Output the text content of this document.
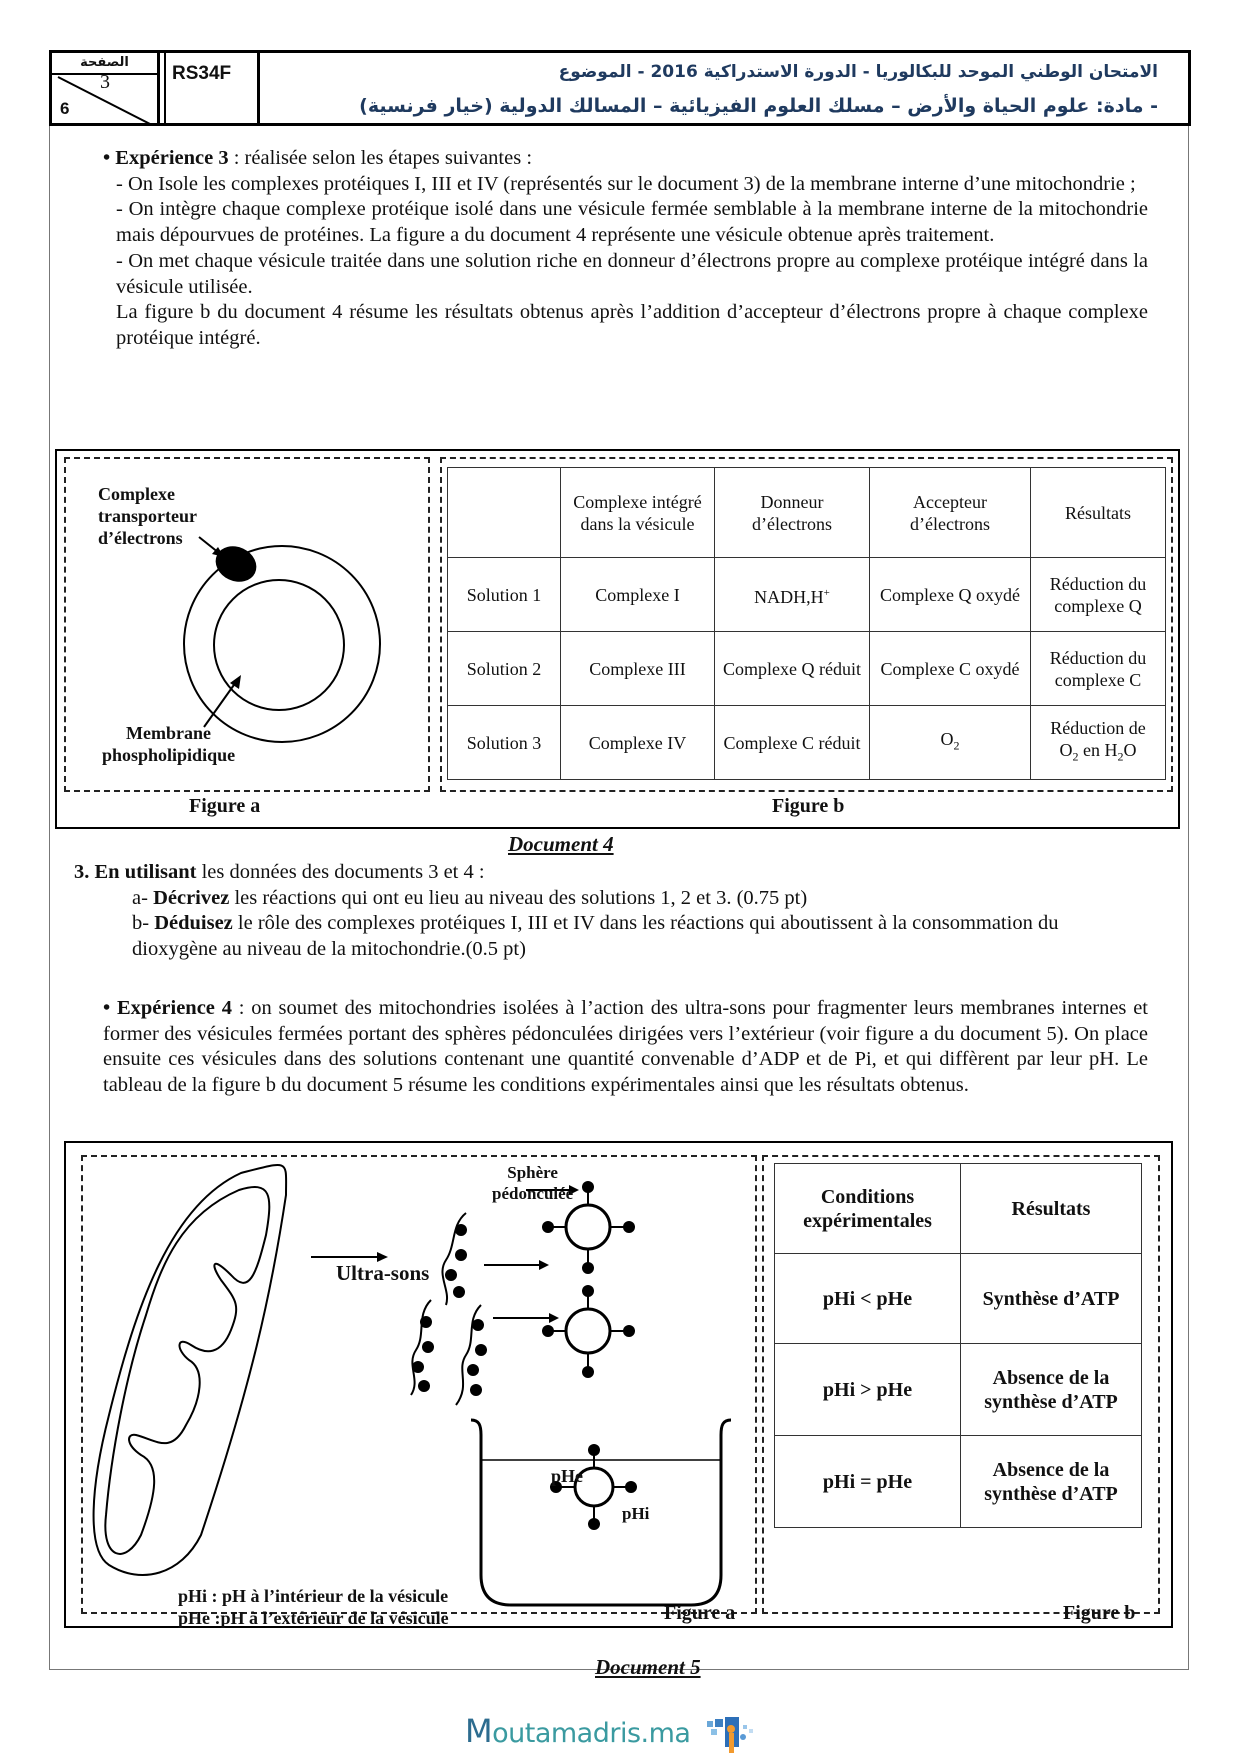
الصفحة
3
6
RS34F	الامتحان الوطني الموحد للبكالوريا - الدورة الاستدراكية 2016 - الموضوع
- مادة: علوم الحياة والأرض – مسلك العلوم الفيزيائية – المسالك الدولية (خيار فرنسية)

• Expérience 3 : réalisée selon les étapes suivantes :

- On Isole les complexes protéiques I, III et IV (représentés sur le document 3) de la membrane interne d’une mitochondrie ;

- On intègre chaque complexe protéique isolé dans une vésicule fermée semblable à la membrane interne de la mitochondrie mais dépourvues de protéines. La figure a du document 4 représente une vésicule obtenue après traitement.

- On met chaque vésicule traitée dans une solution riche en donneur d’électrons propre au complexe protéique intégré dans la vésicule utilisée.

La figure b du document 4 résume les résultats obtenus après l’addition d’accepteur d’électrons propre à chaque complexe protéique intégré.

Complexe
transporteur
d’électrons
Membrane
phospholipidique
Figure a	Figure b
	Complexe intégré dans la vésicule	Donneur d’électrons	Accepteur d’électrons	Résultats
Solution 1	Complexe I	NADH,H+	Complexe Q oxydé	Réduction du complexe Q
Solution 2	Complexe III	Complexe Q réduit	Complexe C oxydé	Réduction du complexe C
Solution 3	Complexe IV	Complexe C réduit	$O_2$	Réduction de
$O_2$ en $H_2O$
Document 4

3. En utilisant les données des documents 3 et 4 :

a- Décrivez les réactions qui ont eu lieu au niveau des solutions 1, 2 et 3. (0.75 pt)

b- Déduisez le rôle des complexes protéiques I, III et IV dans les réactions qui aboutissent à la consommation du dioxygène au niveau de la mitochondrie.(0.5 pt)

• Expérience 4 : on soumet des mitochondries isolées à l’action des ultra-sons pour fragmenter leurs membranes internes et former des vésicules fermées portant des sphères pédonculées dirigées vers l’extérieur (voir figure a du document 5). On place ensuite ces vésicules dans des solutions contenant une quantité convenable d’ADP et de Pi, et qui diffèrent par leur pH. Le tableau de la figure b du document 5 résume les conditions expérimentales ainsi que les résultats obtenus.

Ultra-sons
Sphère
pédonculée
pHe
pHi
pHi : pH à l’intérieur de la vésicule
pHe :pH à l’extérieur de la vésicule	Figure a
Conditions expérimentales	Résultats
pHi < pHe	Synthèse d’ATP
pHi > pHe	Absence de la synthèse d’ATP
pHi = pHe	Absence de la synthèse d’ATP
Figure b
Document 5
Moutamadris.ma
